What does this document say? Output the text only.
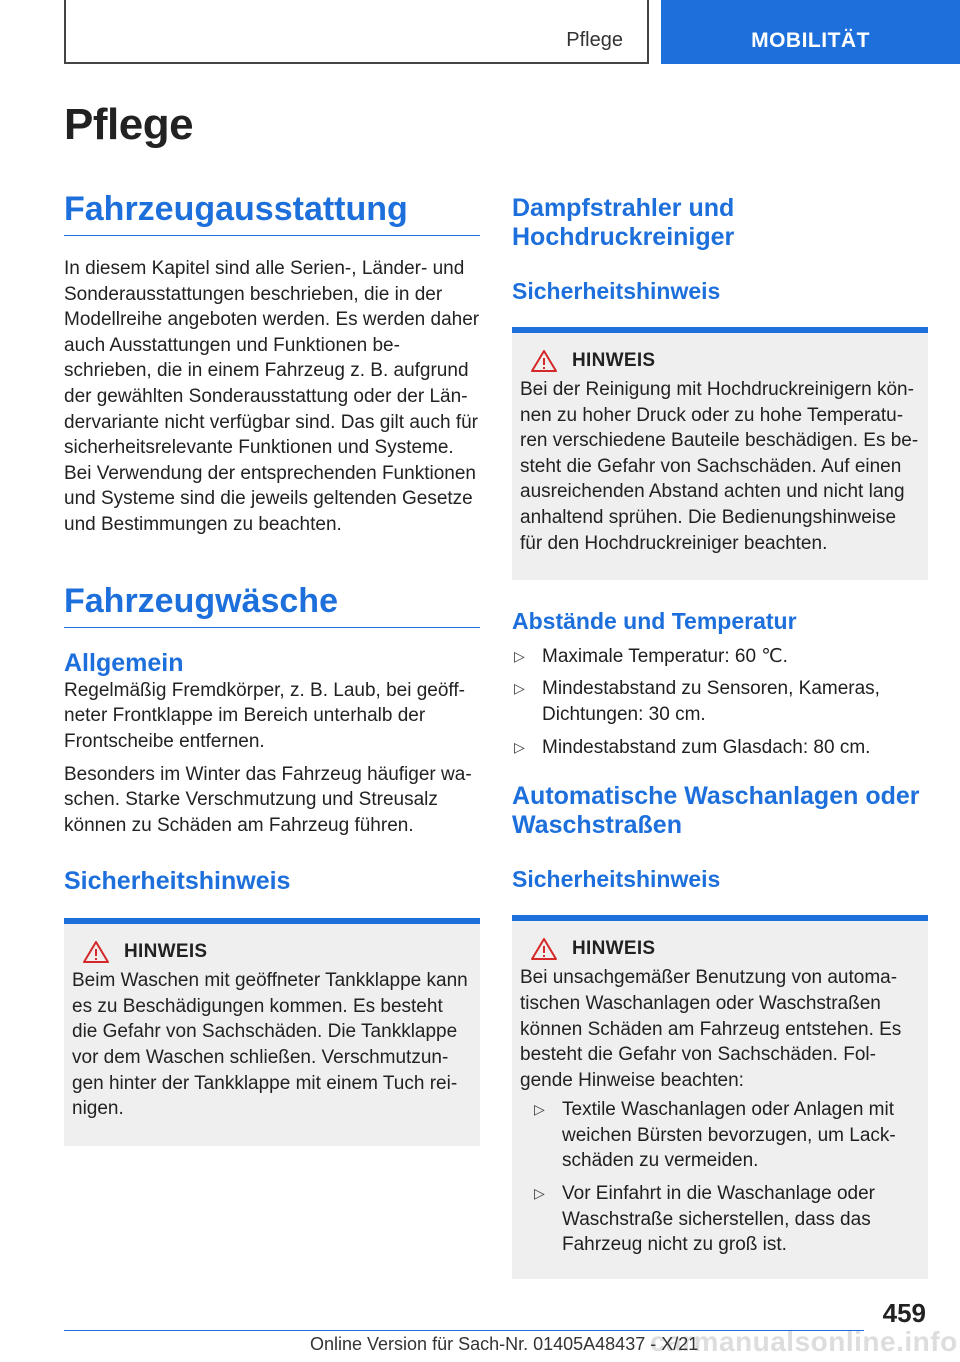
Pflege	MOBILITÄT
Pflege
Fahrzeugausstattung

In diesem Kapitel sind alle Serien-, Länder- und Sonderausstattungen beschrieben, die in der Modellreihe angeboten werden. Es werden daher auch Ausstattungen und Funktionen beschrieben, die in einem Fahrzeug z. B. aufgrund der gewählten Sonderausstattung oder der Ländervariante nicht verfügbar sind. Das gilt auch für sicherheitsrelevante Funktionen und Systeme. Bei Verwendung der entsprechenden Funktionen und Systeme sind die jeweils geltenden Gesetze und Bestimmungen zu beachten.

Fahrzeugwäsche
Allgemein

Regelmäßig Fremdkörper, z. B. Laub, bei geöffneter Frontklappe im Bereich unterhalb der Frontscheibe entfernen.

Besonders im Winter das Fahrzeug häufiger waschen. Starke Verschmutzung und Streusalz können zu Schäden am Fahrzeug führen.

Sicherheitshinweis
HINWEIS

Beim Waschen mit geöffneter Tankklappe kann es zu Beschädigungen kommen. Es besteht die Gefahr von Sachschäden. Die Tankklappe vor dem Waschen schließen. Verschmutzungen hinter der Tankklappe mit einem Tuch reinigen.

Dampfstrahler und Hochdruckreiniger
Sicherheitshinweis
HINWEIS

Bei der Reinigung mit Hochdruckreinigern können zu hoher Druck oder zu hohe Temperaturen verschiedene Bauteile beschädigen. Es besteht die Gefahr von Sachschäden. Auf einen ausreichenden Abstand achten und nicht lang anhaltend sprühen. Die Bedienungshinweise für den Hochdruckreiniger beachten.

Abstände und Temperatur
▷ Maximale Temperatur: 60 ℃.
▷ Mindestabstand zu Sensoren, Kameras, Dichtungen: 30 cm.
▷ Mindestabstand zum Glasdach: 80 cm.
Automatische Waschanlagen oder Waschstraßen
Sicherheitshinweis
HINWEIS

Bei unsachgemäßer Benutzung von automatischen Waschanlagen oder Waschstraßen können Schäden am Fahrzeug entstehen. Es besteht die Gefahr von Sachschäden. Folgende Hinweise beachten:

▷ Textile Waschanlagen oder Anlagen mit weichen Bürsten bevorzugen, um Lackschäden zu vermeiden.
▷ Vor Einfahrt in die Waschanlage oder Waschstraße sicherstellen, dass das Fahrzeug nicht zu groß ist.
459
carmanualsonline.info
Online Version für Sach-Nr. 01405A48437 - X/21
